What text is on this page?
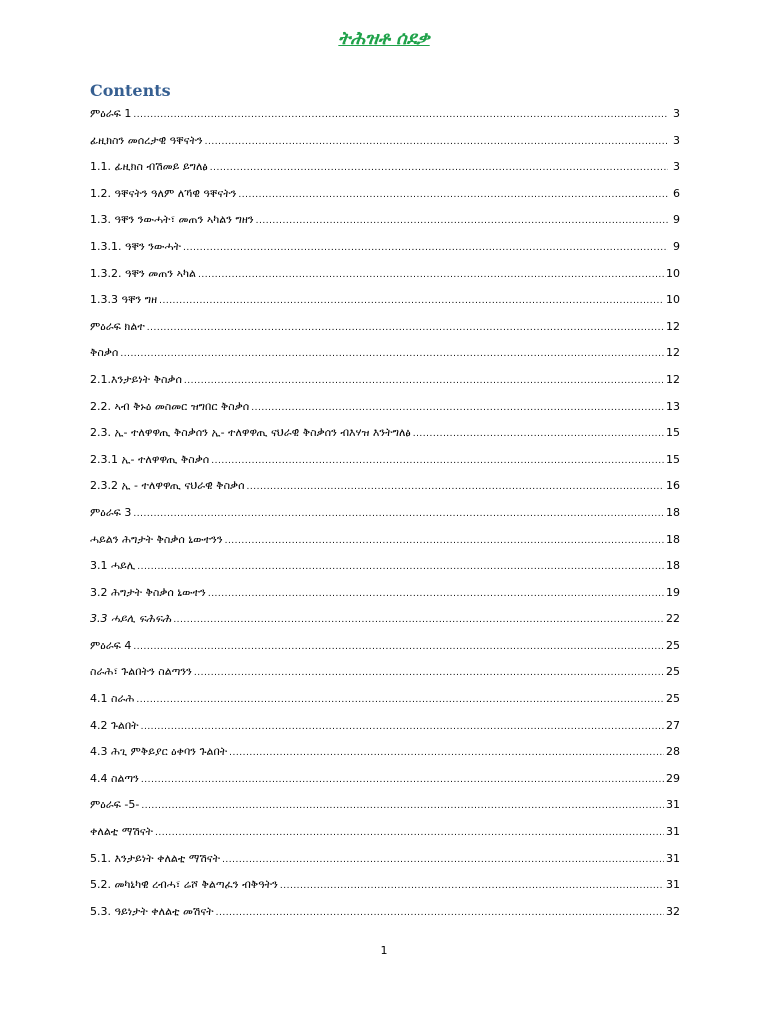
ትሕዝቶ ሰደቃ
Contents
ምዕራፍ 1 .....	3
ፊዚክስን መሰረታዊ ዓቐናትን .....	3
1.1. ፊዚክስ ብሽመይ ይግለፅ .....	3
1.2. ዓቐናትን ዓለም ለኻዊ ዓቐናትን .....	6
1.3. ዓቐን ንውሓት፣ መጠን ኣካልን ግዘን .....	9
1.3.1. ዓቐን ንውሓት .....	9
1.3.2. ዓቐን መጠን ኣካል .....	10
1.3.3 ዓቐን ግዘ .....	10
ምዕራፍ ክልተ .....	12
ቅስቃሰ .....	12
2.1.እንታይነት ቅስቃሰ .....	12
2.2. ኣብ ቅኑዕ መስመር ዝግበር ቅስቃሰ .....	13
2.3. ኢ- ተለዋዋጢ ቅስቃሰን ኢ- ተለዋዋጢ ናህራዊ ቅስቃሰን ብእሃዝ እንትግለፅ .....	15
2.3.1 ኢ- ተለዋዋጢ ቅስቃሰ .....	15
2.3.2 ኢ - ተለዋዋጢ ናህራዊ ቅስቃሰ .....	16
ምዕራፍ 3 .....	18
ሓይልን ሕግታት ቅስቃሰ ኒውተንን .....	18
3.1 ሓይሊ .....	18
3.2 ሕግታት ቅስቃሰ ኒውተን .....	19
3.3 ሓይሊ ፍሕፍሕ .....	22
ምዕራፍ 4 .....	25
ስራሕ፣ ጉልበትን ስልጣንን .....	25
4.1 ስራሕ .....	25
4.2 ጉልበት .....	27
4.3 ሕጊ ምቅይያር ዕቀባን ጉልበት .....	28
4.4 ስልጣን .....	29
ምዕራፍ -5- .....	31
ቀለልቲ ማሽናት .....	31
5.1. እንታይነት ቀለልቲ ማሽናት .....	31
5.2. መካኒካዊ ረብሓ፣ ሬሾ ቅልጣፈን ብቅዓትን .....	31
5.3. ዓይነታት ቀለልቲ መሽናት .....	32
1
